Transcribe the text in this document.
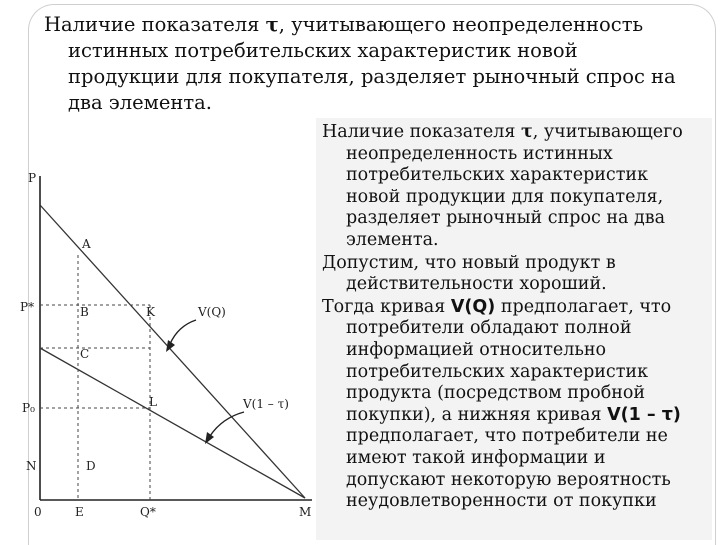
Наличие показателя τ, учитывающего неопределенность истинных потребительских характеристик новой продукции для покупателя, разделяет рыночный спрос на два элемента.
P
A
P*	B	K	V(Q)
C
P₀	L	V(1 – τ)
N	D
0	E	Q*	M

Наличие показателя τ, учитывающего неопределенность истинных потребительских характеристик новой продукции для покупателя, разделяет рыночный спрос на два элемента.

Допустим, что новый продукт в действительности хороший.

Тогда кривая V(Q) предполагает, что потребители обладают полной информацией относительно потребительских характеристик продукта (посредством пробной покупки), а нижняя кривая V(1 – τ) предполагает, что потребители не имеют такой информации и допускают некоторую вероятность неудовлетворенности от покупки
